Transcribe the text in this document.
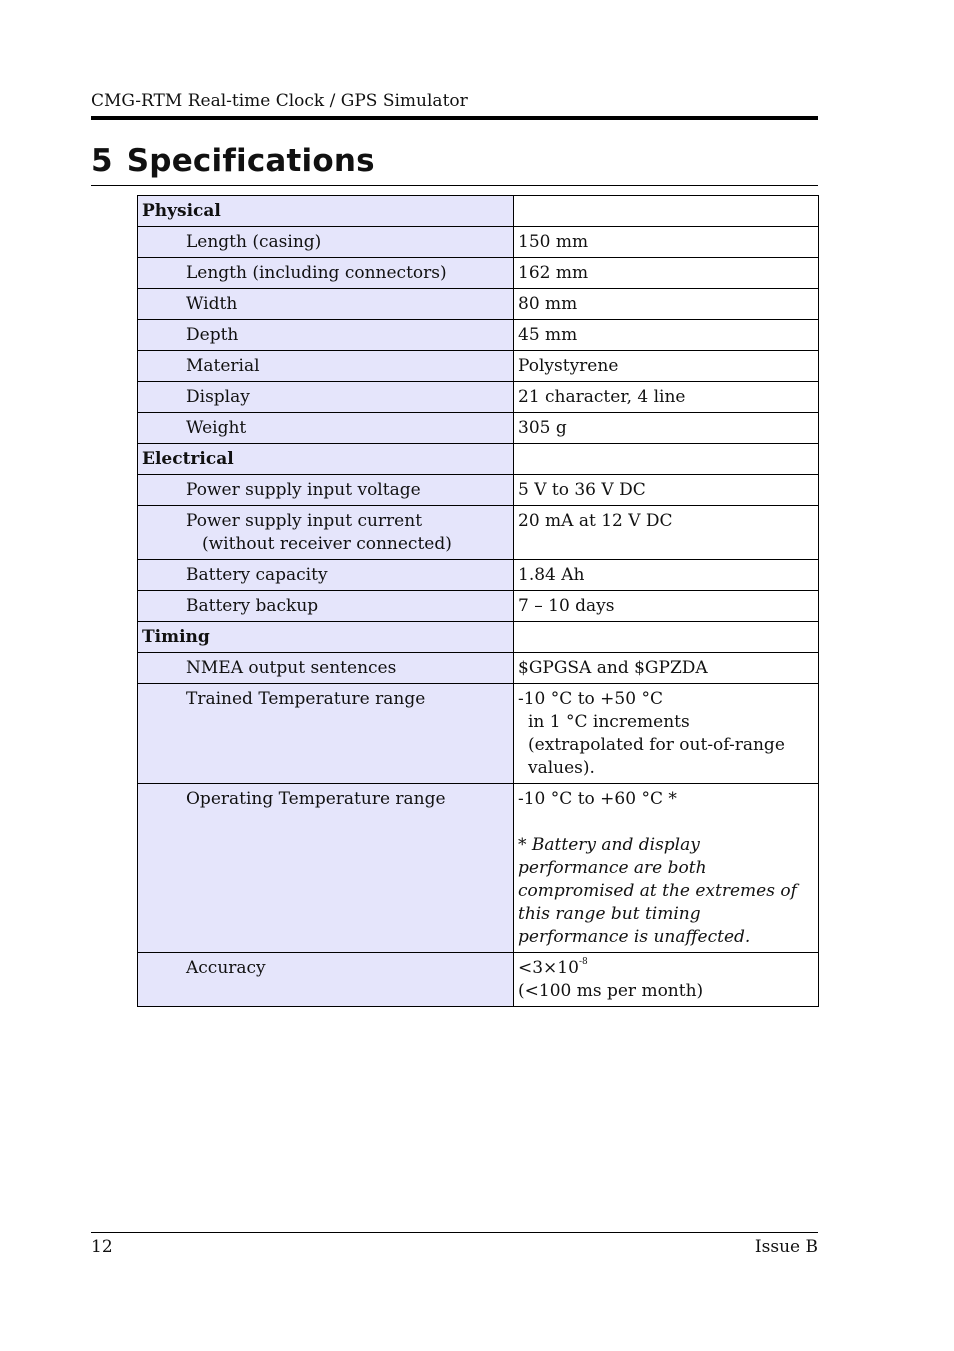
CMG-RTM Real-time Clock / GPS Simulator
5 Specifications
Physical	
Length (casing)	150 mm
Length (including connectors)	162 mm
Width	80 mm
Depth	45 mm
Material	Polystyrene
Display	21 character, 4 line
Weight	305 g
Electrical	
Power supply input voltage	5 V to 36 V DC
Power supply input current
(without receiver connected)	20 mA at 12 V DC
Battery capacity	1.84 Ah
Battery backup	7 – 10 days
Timing	
NMEA output sentences	$GPGSA and $GPZDA
Trained Temperature range	-10 °C to +50 °C
in 1 °C increments
(extrapolated for out-of-range values).

Operating Temperature range	-10 °C to +60 °C *
* Battery and display performance are both compromised at the extremes of this range but timing performance is unaffected.

Accuracy	$<3\times 10^{-8}$
(<100 ms per month)
12	Issue B
